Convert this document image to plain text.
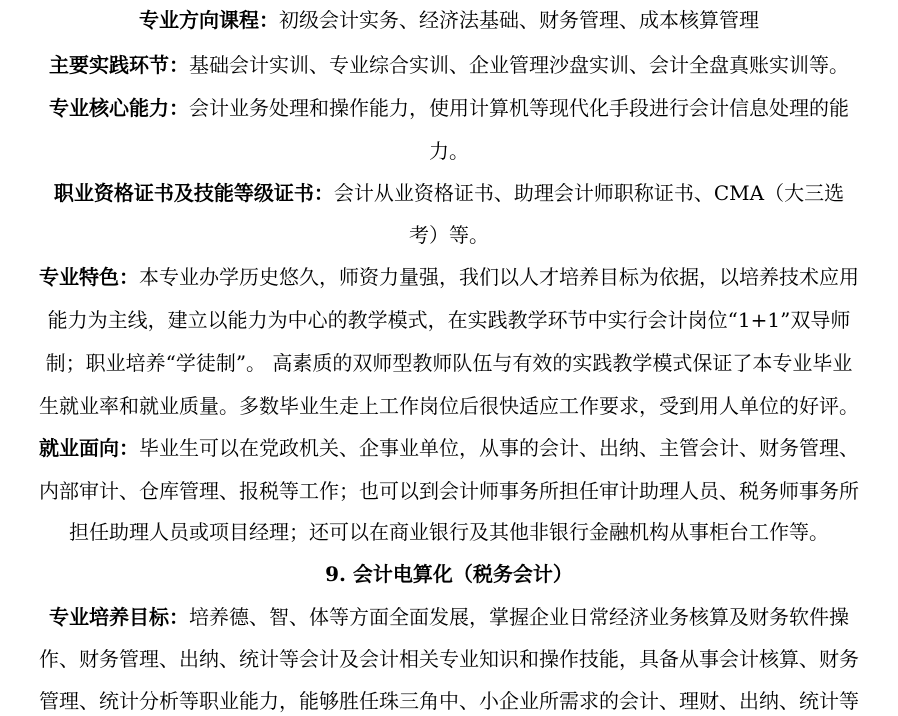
专业方向课程：初级会计实务、经济法基础、财务管理、成本核算管理
主要实践环节：基础会计实训、专业综合实训、企业管理沙盘实训、会计全盘真账实训等。
专业核心能力：会计业务处理和操作能力，使用计算机等现代化手段进行会计信息处理的能
力。
职业资格证书及技能等级证书：会计从业资格证书、助理会计师职称证书、CMA（大三选
考）等。
专业特色：本专业办学历史悠久，师资力量强，我们以人才培养目标为依据，以培养技术应用
能力为主线，建立以能力为中心的教学模式，在实践教学环节中实行会计岗位“1+1”双导师
制；职业培养“学徒制”。 高素质的双师型教师队伍与有效的实践教学模式保证了本专业毕业
生就业率和就业质量。多数毕业生走上工作岗位后很快适应工作要求，受到用人单位的好评。
就业面向：毕业生可以在党政机关、企事业单位，从事的会计、出纳、主管会计、财务管理、
内部审计、仓库管理、报税等工作；也可以到会计师事务所担任审计助理人员、税务师事务所
担任助理人员或项目经理；还可以在商业银行及其他非银行金融机构从事柜台工作等。
9. 会计电算化（税务会计）
专业培养目标：培养德、智、体等方面全面发展，掌握企业日常经济业务核算及财务软件操
作、财务管理、出纳、统计等会计及会计相关专业知识和操作技能，具备从事会计核算、财务
管理、统计分析等职业能力，能够胜任珠三角中、小企业所需求的会计、理财、出纳、统计等
